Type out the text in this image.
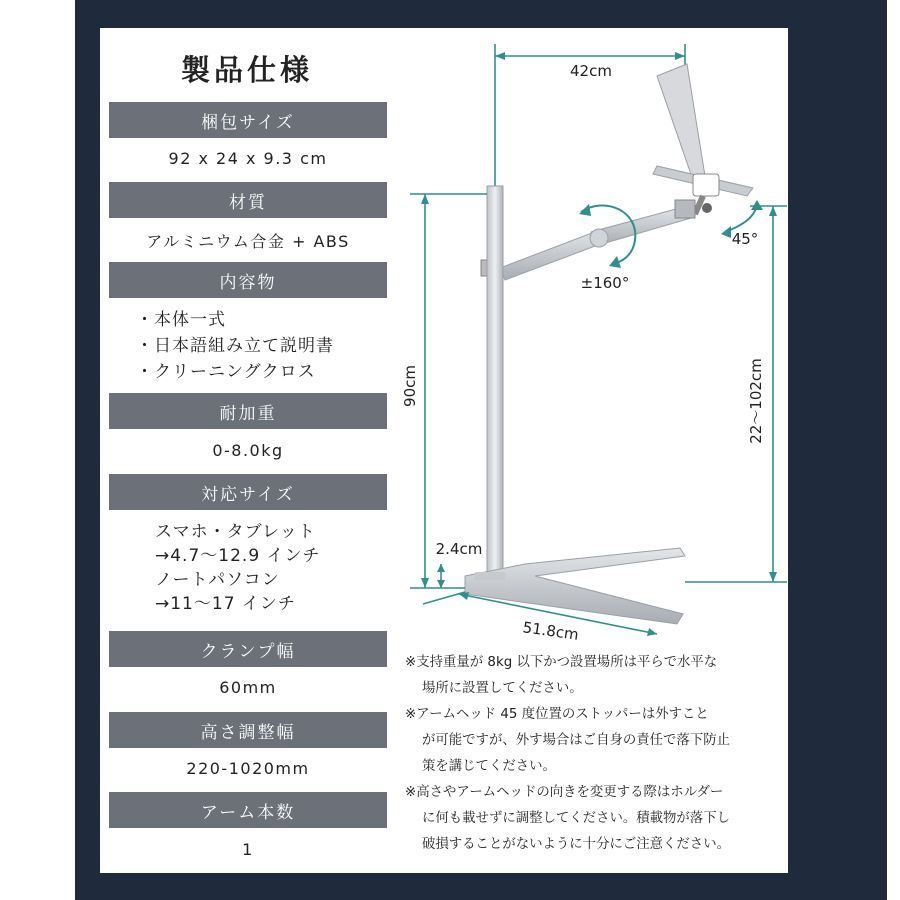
製品仕様
梱包サイズ
92 x 24 x 9.3 cm
材質
アルミニウム合金 + ABS
内容物
・本体一式
・日本語組み立て説明書
・クリーニングクロス
耐加重
0-8.0kg
対応サイズ
スマホ・タブレット
→4.7～12.9 インチ
ノートパソコン
→11～17 インチ
クランプ幅
60mm
高さ調整幅
220-1020mm
アーム本数
1
42cm
±160°
45°
90cm	22～102cm
2.4cm
51.8cm
※支持重量が 8kg 以下かつ設置場所は平らで水平な
場所に設置してください。
※アームヘッド 45 度位置のストッパーは外すこと
が可能ですが、外す場合はご自身の責任で落下防止
策を講じてください。
※高さやアームヘッドの向きを変更する際はホルダー
に何も載せずに調整してください。積載物が落下し
破損することがないように十分にご注意ください。
